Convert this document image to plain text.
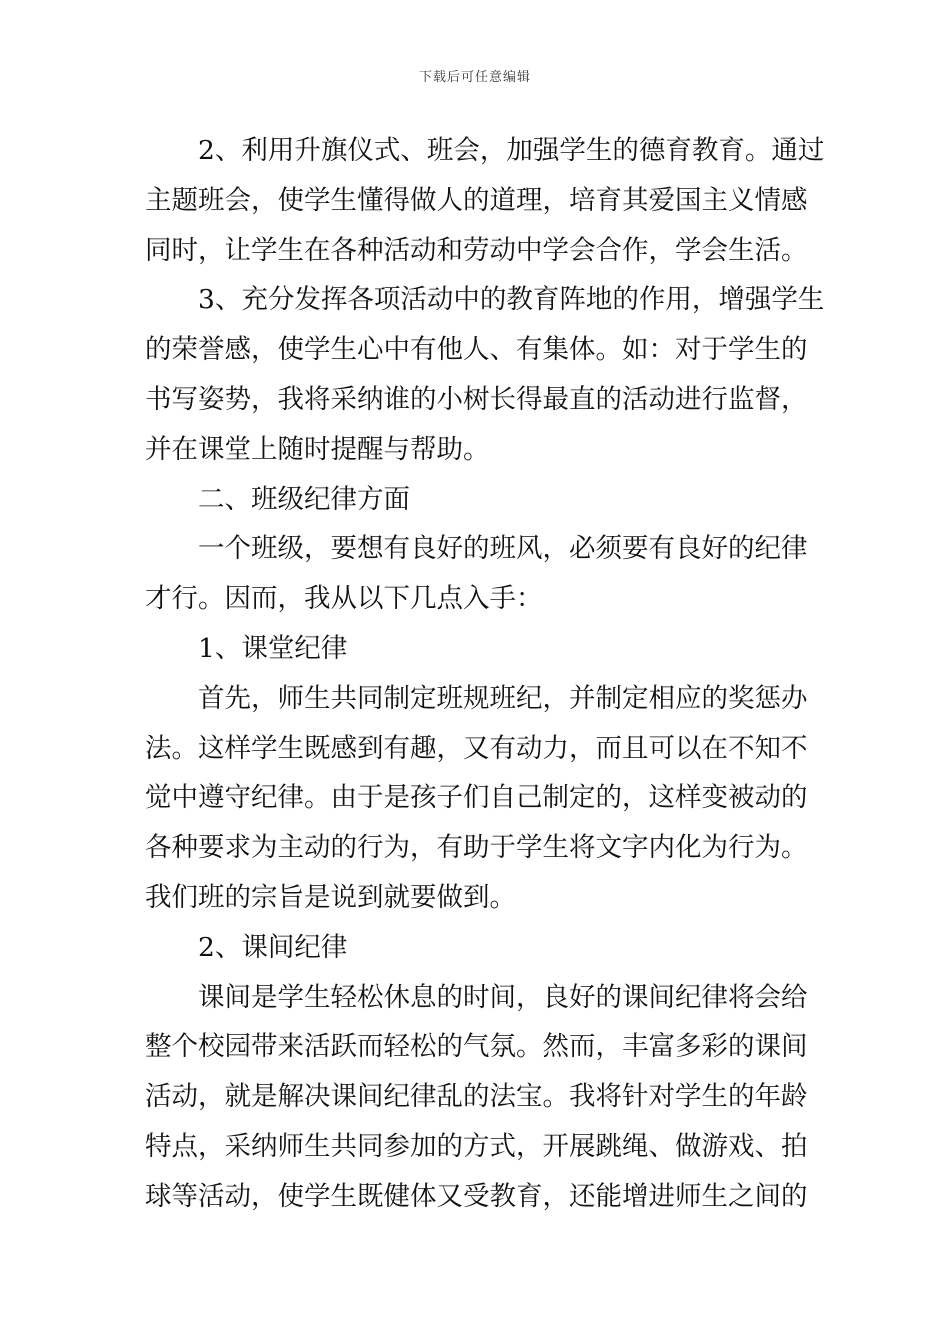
下载后可任意编辑
2、利用升旗仪式、班会，加强学生的德育教育。通过
主题班会，使学生懂得做人的道理，培育其爱国主义情感
同时，让学生在各种活动和劳动中学会合作，学会生活。
3、充分发挥各项活动中的教育阵地的作用，增强学生
的荣誉感，使学生心中有他人、有集体。如：对于学生的
书写姿势，我将采纳谁的小树长得最直的活动进行监督，
并在课堂上随时提醒与帮助。
二、班级纪律方面
一个班级，要想有良好的班风，必须要有良好的纪律
才行。因而，我从以下几点入手：
1、课堂纪律
首先，师生共同制定班规班纪，并制定相应的奖惩办
法。这样学生既感到有趣，又有动力，而且可以在不知不
觉中遵守纪律。由于是孩子们自己制定的，这样变被动的
各种要求为主动的行为，有助于学生将文字内化为行为。
我们班的宗旨是说到就要做到。
2、课间纪律
课间是学生轻松休息的时间，良好的课间纪律将会给
整个校园带来活跃而轻松的气氛。然而，丰富多彩的课间
活动，就是解决课间纪律乱的法宝。我将针对学生的年龄
特点，采纳师生共同参加的方式，开展跳绳、做游戏、拍
球等活动，使学生既健体又受教育，还能增进师生之间的
